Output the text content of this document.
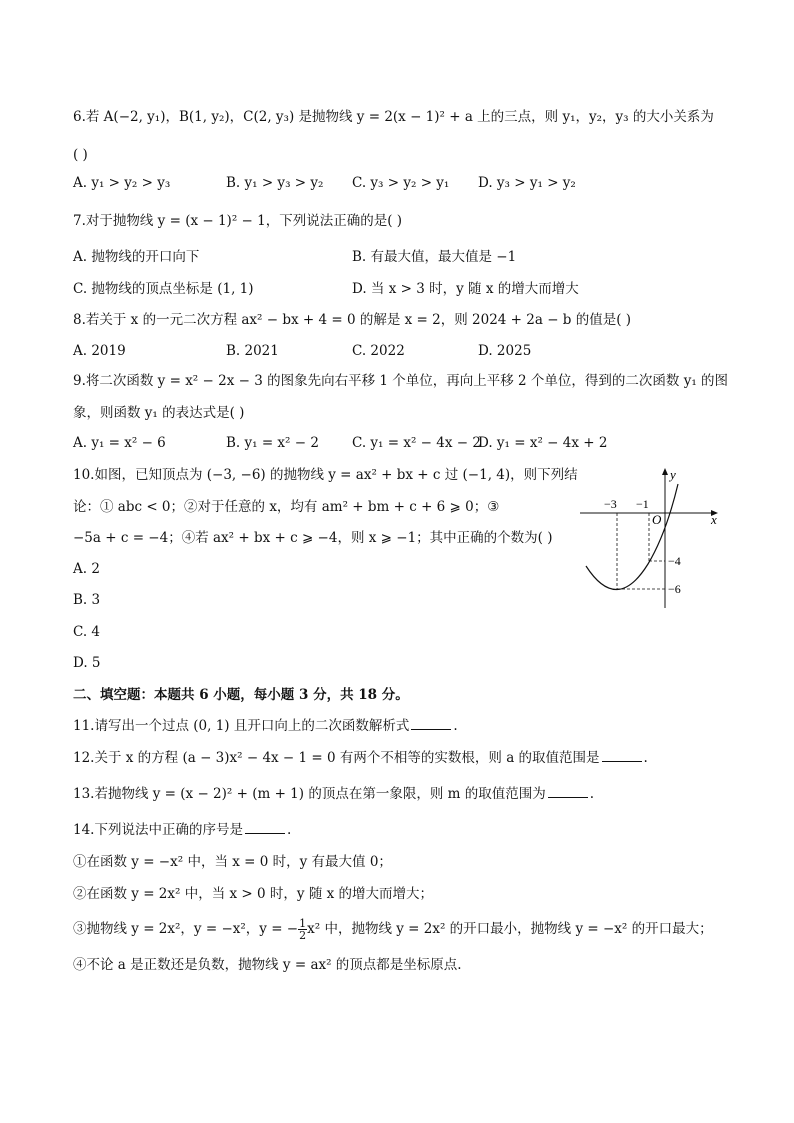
6.若 A(−2, y₁)，B(1, y₂)，C(2, y₃) 是抛物线 y = 2(x − 1)² + a 上的三点，则 y₁，y₂，y₃ 的大小关系为
( )
A. y₁ > y₂ > y₃	B. y₁ > y₃ > y₂ C. y₃ > y₂ > y₁ D. y₃ > y₁ > y₂
7.对于抛物线 y = (x − 1)² − 1，下列说法正确的是( )
A. 抛物线的开口向下	B. 有最大值，最大值是 −1
C. 抛物线的顶点坐标是 (1, 1)	D. 当 x > 3 时，y 随 x 的增大而增大
8.若关于 x 的一元二次方程 ax² − bx + 4 = 0 的解是 x = 2，则 2024 + 2a − b 的值是( )
A. 2019	B. 2021	C. 2022	D. 2025
9.将二次函数 y = x² − 2x − 3 的图象先向右平移 1 个单位，再向上平移 2 个单位，得到的二次函数 y₁ 的图
象，则函数 y₁ 的表达式是( )
A. y₁ = x² − 6	B. y₁ = x² − 2 C. y₁ = x² − 4x − 2
D. y₁ = x² − 4x + 2
10.如图，已知顶点为 (−3, −6) 的抛物线 y = ax² + bx + c 过 (−1, 4)，则下列结
论：① abc < 0；②对于任意的 x，均有 am² + bm + c + 6 ⩾ 0；③
−5a + c = −4；④若 ax² + bx + c ⩾ −4，则 x ⩾ −1；其中正确的个数为( )
A. 2
B. 3
C. 4
D. 5
y
x
O
−3 −1
−4
−6
二、填空题：本题共 6 小题，每小题 3 分，共 18 分。
11.请写出一个过点 (0, 1) 且开口向上的二次函数解析式	.
12.关于 x 的方程 (a − 3)x² − 4x − 1 = 0 有两个不相等的实数根，则 a 的取值范围是	.
13.若抛物线 y = (x − 2)² + (m + 1) 的顶点在第一象限，则 m 的取值范围为	.
14.下列说法中正确的序号是	.
①在函数 y = −x² 中，当 x = 0 时，y 有最大值 0；
②在函数 y = 2x² 中，当 x > 0 时，y 随 x 的增大而增大；
③抛物线 y = 2x²，y = −x²，y = − $\frac{1}{2} x^2$ 中，抛物线 y = 2x² 的开口最小，抛物线 y = −x² 的开口最大；
④不论 a 是正数还是负数，抛物线 y = ax² 的顶点都是坐标原点.
